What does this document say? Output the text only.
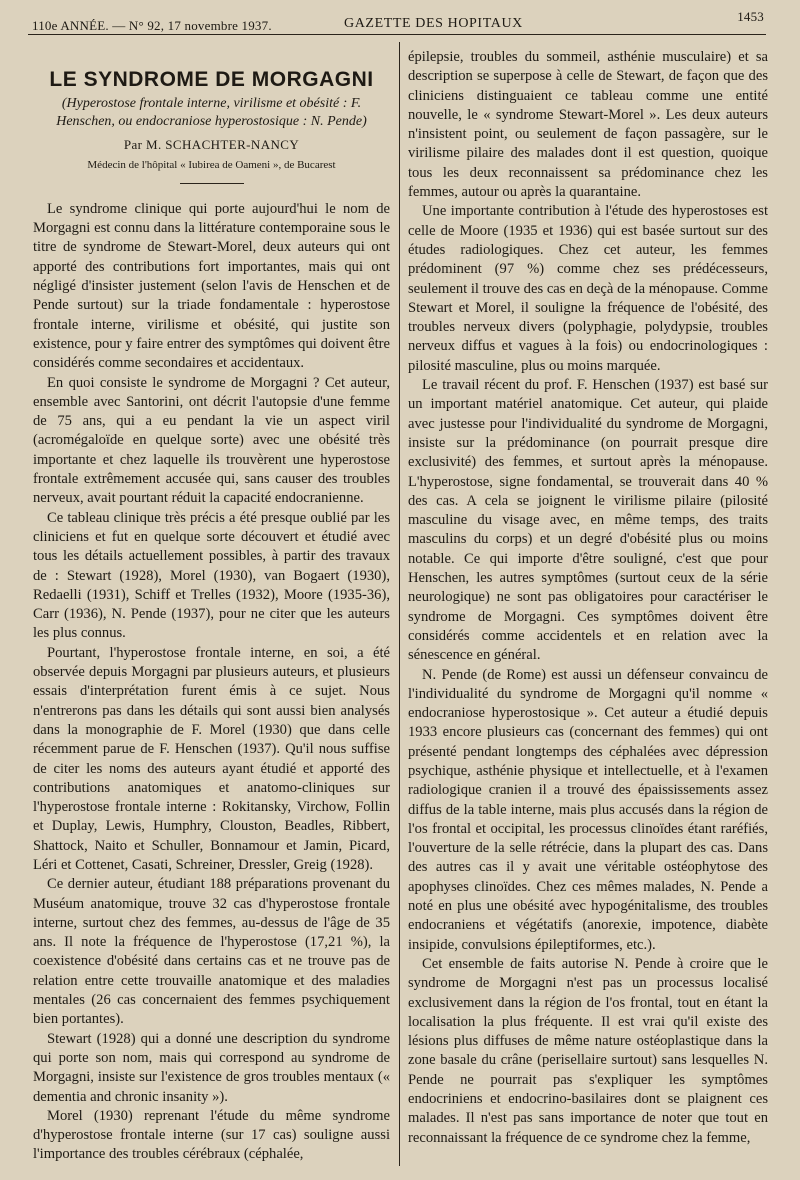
110e ANNÉE. — N° 92, 17 novembre 1937.	GAZETTE DES HOPITAUX	1453
LE SYNDROME DE MORGAGNI
(Hyperostose frontale interne, virilisme et obésité : F. Henschen, ou endocraniose hyperostosique : N. Pende)
Par M. SCHACHTER-NANCY
Médecin de l'hôpital « Iubirea de Oameni », de Bucarest

Le syndrome clinique qui porte aujourd'hui le nom de Morgagni est connu dans la littérature contemporaine sous le titre de syndrome de Stewart-Morel, deux auteurs qui ont apporté des contributions fort importantes, mais qui ont négligé d'insister justement (selon l'avis de Henschen et de Pende surtout) sur la triade fondamentale : hyperostose frontale interne, virilisme et obésité, qui justite son existence, pour y faire entrer des symptômes qui doivent être considérés comme secondaires et accidentaux.

En quoi consiste le syndrome de Morgagni ? Cet auteur, ensemble avec Santorini, ont décrit l'autopsie d'une femme de 75 ans, qui a eu pendant la vie un aspect viril (acromégaloïde en quelque sorte) avec une obésité très importante et chez laquelle ils trouvèrent une hyperostose frontale extrêmement accusée qui, sans causer des troubles nerveux, avait pourtant réduit la capacité endocranienne.

Ce tableau clinique très précis a été presque oublié par les cliniciens et fut en quelque sorte découvert et étudié avec tous les détails actuellement possibles, à partir des travaux de : Stewart (1928), Morel (1930), van Bogaert (1930), Redaelli (1931), Schiff et Trelles (1932), Moore (1935-36), Carr (1936), N. Pende (1937), pour ne citer que les auteurs les plus connus.

Pourtant, l'hyperostose frontale interne, en soi, a été observée depuis Morgagni par plusieurs auteurs, et plusieurs essais d'interprétation furent émis à ce sujet. Nous n'entrerons pas dans les détails qui sont aussi bien analysés dans la monographie de F. Morel (1930) que dans celle récemment parue de F. Henschen (1937). Qu'il nous suffise de citer les noms des auteurs ayant étudié et apporté des contributions anatomiques et anatomo-cliniques sur l'hyperostose frontale interne : Rokitansky, Virchow, Follin et Duplay, Lewis, Humphry, Clouston, Beadles, Ribbert, Shattock, Naito et Schuller, Bonnamour et Jamin, Picard, Léri et Cottenet, Casati, Schreiner, Dressler, Greig (1928).

Ce dernier auteur, étudiant 188 préparations provenant du Muséum anatomique, trouve 32 cas d'hyperostose frontale interne, surtout chez des femmes, au-dessus de l'âge de 35 ans. Il note la fréquence de l'hyperostose (17,21 %), la coexistence d'obésité dans certains cas et ne trouve pas de relation entre cette trouvaille anatomique et des maladies mentales (26 cas concernaient des femmes psychiquement bien portantes).

Stewart (1928) qui a donné une description du syndrome qui porte son nom, mais qui correspond au syndrome de Morgagni, insiste sur l'existence de gros troubles mentaux (« dementia and chronic insanity »).

Morel (1930) reprenant l'étude du même syndrome d'hyperostose frontale interne (sur 17 cas) souligne aussi l'importance des troubles cérébraux (céphalée,

épilepsie, troubles du sommeil, asthénie musculaire) et sa description se superpose à celle de Stewart, de façon que des cliniciens distinguaient ce tableau comme une entité nouvelle, le « syndrome Stewart-Morel ». Les deux auteurs n'insistent point, ou seulement de façon passagère, sur le virilisme pilaire des malades dont il est question, quoique tous les deux reconnaissent sa prédominance chez les femmes, autour ou après la quarantaine.

Une importante contribution à l'étude des hyperostoses est celle de Moore (1935 et 1936) qui est basée surtout sur des études radiologiques. Chez cet auteur, les femmes prédominent (97 %) comme chez ses prédécesseurs, seulement il trouve des cas en deçà de la ménopause. Comme Stewart et Morel, il souligne la fréquence de l'obésité, des troubles nerveux divers (polyphagie, polydypsie, troubles nerveux diffus et vagues à la fois) ou endocrinologiques : pilosité masculine, plus ou moins marquée.

Le travail récent du prof. F. Henschen (1937) est basé sur un important matériel anatomique. Cet auteur, qui plaide avec justesse pour l'individualité du syndrome de Morgagni, insiste sur la prédominance (on pourrait presque dire exclusivité) des femmes, et surtout après la ménopause. L'hyperostose, signe fondamental, se trouverait dans 40 % des cas. A cela se joignent le virilisme pilaire (pilosité masculine du visage avec, en même temps, des traits masculins du corps) et un degré d'obésité plus ou moins notable. Ce qui importe d'être souligné, c'est que pour Henschen, les autres symptômes (surtout ceux de la série neurologique) ne sont pas obligatoires pour caractériser le syndrome de Morgagni. Ces symptômes doivent être considérés comme accidentels et en relation avec la sénescence en général.

N. Pende (de Rome) est aussi un défenseur convaincu de l'individualité du syndrome de Morgagni qu'il nomme « endocraniose hyperostosique ». Cet auteur a étudié depuis 1933 encore plusieurs cas (concernant des femmes) qui ont présenté pendant longtemps des céphalées avec dépression psychique, asthénie physique et intellectuelle, et à l'examen radiologique cranien il a trouvé des épaississements assez diffus de la table interne, mais plus accusés dans la région de l'os frontal et occipital, les processus clinoïdes étant raréfiés, l'ouverture de la selle rétrécie, dans la plupart des cas. Dans des autres cas il y avait une véritable ostéophytose des apophyses clinoïdes. Chez ces mêmes malades, N. Pende a noté en plus une obésité avec hypogénitalisme, des troubles endocraniens et végétatifs (anorexie, impotence, diabète insipide, convulsions épileptiformes, etc.).

Cet ensemble de faits autorise N. Pende à croire que le syndrome de Morgagni n'est pas un processus localisé exclusivement dans la région de l'os frontal, tout en étant la localisation la plus fréquente. Il est vrai qu'il existe des lésions plus diffuses de même nature ostéoplastique dans la zone basale du crâne (perisellaire surtout) sans lesquelles N. Pende ne pourrait pas s'expliquer les symptômes endocriniens et endocrino-basilaires dont se plaignent ces malades. Il n'est pas sans importance de noter que tout en reconnaissant la fréquence de ce syndrome chez la femme,
